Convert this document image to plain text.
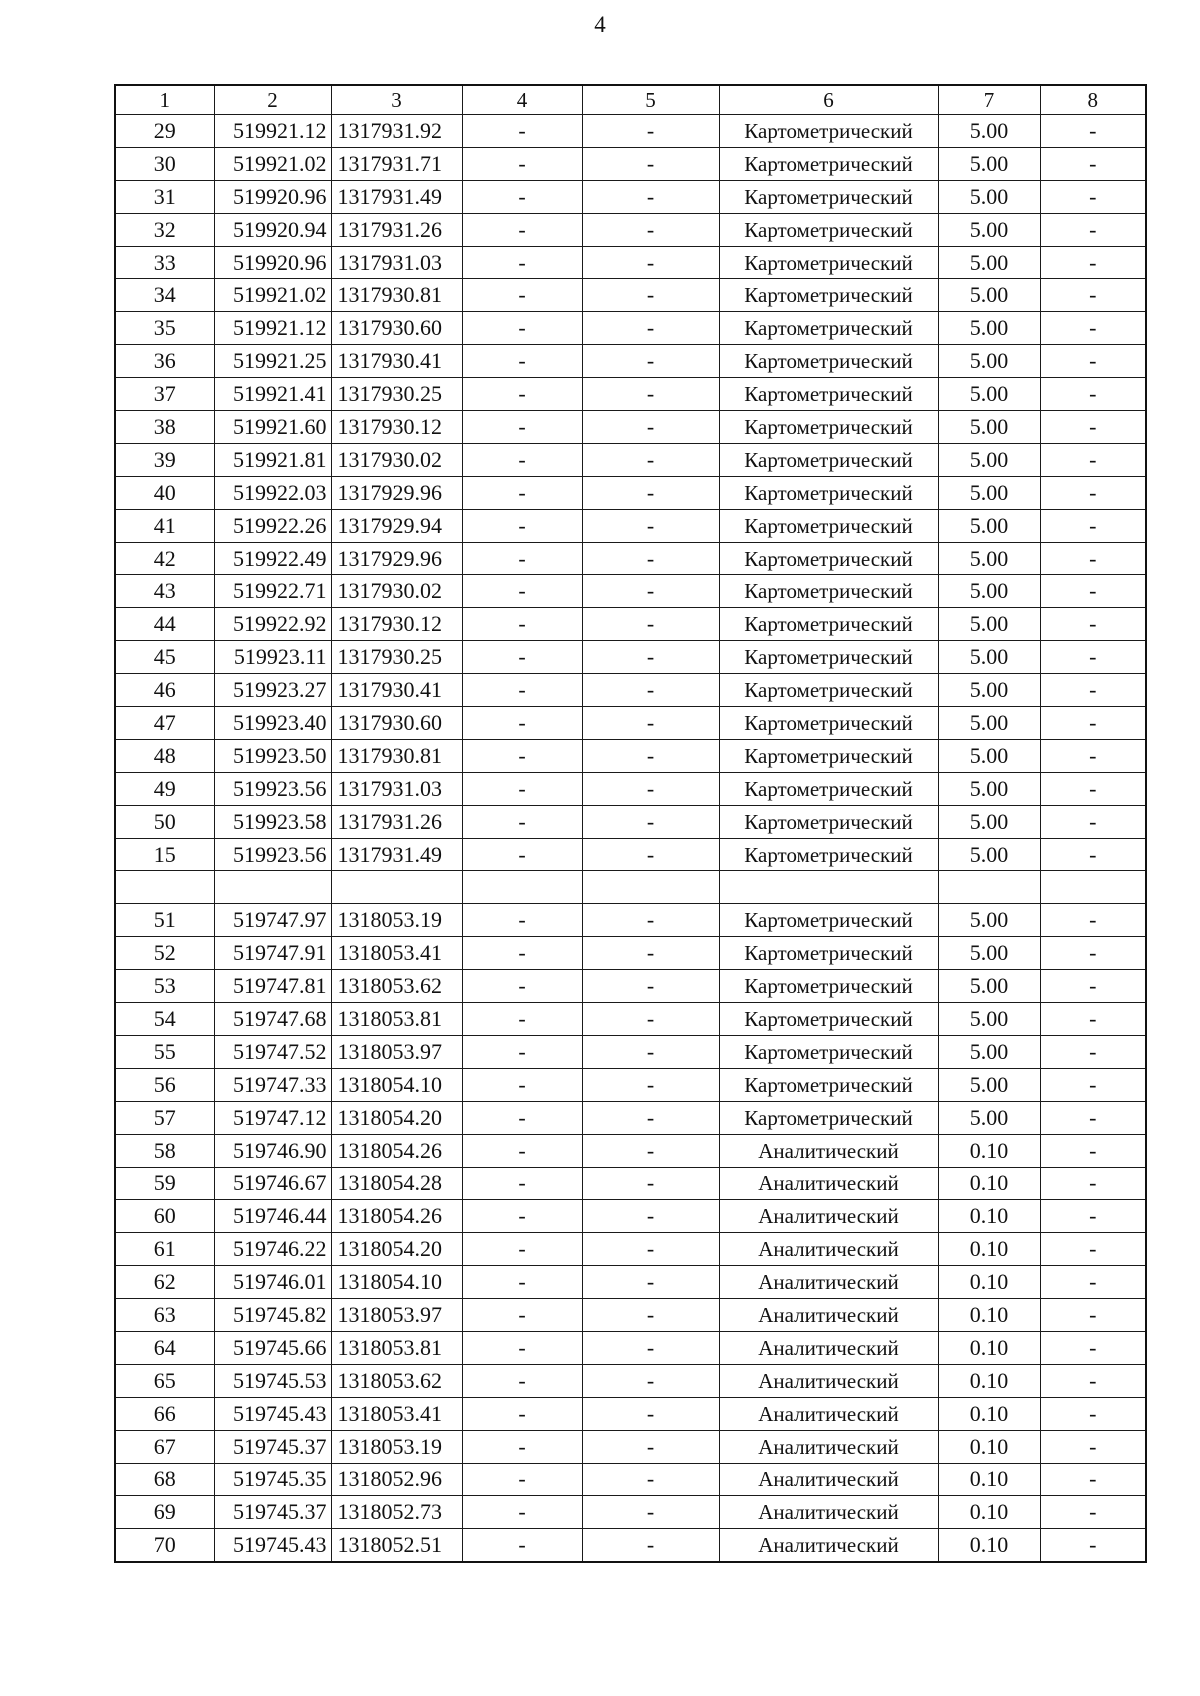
4
1	2	3	4	5	6	7	8
29	519921.12	1317931.92	-	-	Картометрический	5.00	-
30	519921.02	1317931.71	-	-	Картометрический	5.00	-
31	519920.96	1317931.49	-	-	Картометрический	5.00	-
32	519920.94	1317931.26	-	-	Картометрический	5.00	-
33	519920.96	1317931.03	-	-	Картометрический	5.00	-
34	519921.02	1317930.81	-	-	Картометрический	5.00	-
35	519921.12	1317930.60	-	-	Картометрический	5.00	-
36	519921.25	1317930.41	-	-	Картометрический	5.00	-
37	519921.41	1317930.25	-	-	Картометрический	5.00	-
38	519921.60	1317930.12	-	-	Картометрический	5.00	-
39	519921.81	1317930.02	-	-	Картометрический	5.00	-
40	519922.03	1317929.96	-	-	Картометрический	5.00	-
41	519922.26	1317929.94	-	-	Картометрический	5.00	-
42	519922.49	1317929.96	-	-	Картометрический	5.00	-
43	519922.71	1317930.02	-	-	Картометрический	5.00	-
44	519922.92	1317930.12	-	-	Картометрический	5.00	-
45	519923.11	1317930.25	-	-	Картометрический	5.00	-
46	519923.27	1317930.41	-	-	Картометрический	5.00	-
47	519923.40	1317930.60	-	-	Картометрический	5.00	-
48	519923.50	1317930.81	-	-	Картометрический	5.00	-
49	519923.56	1317931.03	-	-	Картометрический	5.00	-
50	519923.58	1317931.26	-	-	Картометрический	5.00	-
15	519923.56	1317931.49	-	-	Картометрический	5.00	-

51	519747.97	1318053.19	-	-	Картометрический	5.00	-
52	519747.91	1318053.41	-	-	Картометрический	5.00	-
53	519747.81	1318053.62	-	-	Картометрический	5.00	-
54	519747.68	1318053.81	-	-	Картометрический	5.00	-
55	519747.52	1318053.97	-	-	Картометрический	5.00	-
56	519747.33	1318054.10	-	-	Картометрический	5.00	-
57	519747.12	1318054.20	-	-	Картометрический	5.00	-
58	519746.90	1318054.26	-	-	Аналитический	0.10	-
59	519746.67	1318054.28	-	-	Аналитический	0.10	-
60	519746.44	1318054.26	-	-	Аналитический	0.10	-
61	519746.22	1318054.20	-	-	Аналитический	0.10	-
62	519746.01	1318054.10	-	-	Аналитический	0.10	-
63	519745.82	1318053.97	-	-	Аналитический	0.10	-
64	519745.66	1318053.81	-	-	Аналитический	0.10	-
65	519745.53	1318053.62	-	-	Аналитический	0.10	-
66	519745.43	1318053.41	-	-	Аналитический	0.10	-
67	519745.37	1318053.19	-	-	Аналитический	0.10	-
68	519745.35	1318052.96	-	-	Аналитический	0.10	-
69	519745.37	1318052.73	-	-	Аналитический	0.10	-
70	519745.43	1318052.51	-	-	Аналитический	0.10	-
